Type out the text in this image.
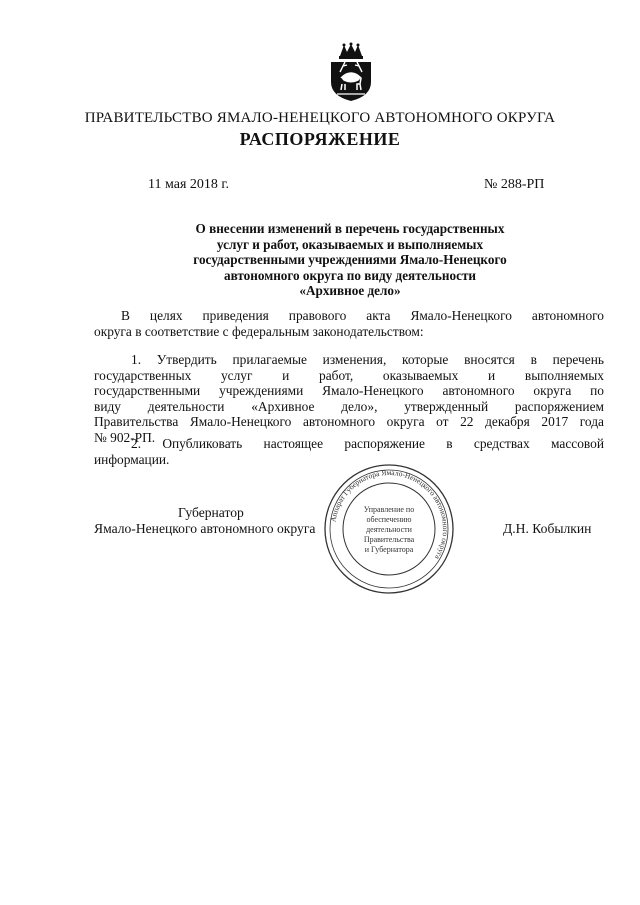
ПРАВИТЕЛЬСТВО ЯМАЛО-НЕНЕЦКОГО АВТОНОМНОГО ОКРУГА
РАСПОРЯЖЕНИЕ
11 мая 2018 г.	№ 288-РП
О внесении изменений в перечень государственных
услуг и работ, оказываемых и выполняемых
государственными учреждениями Ямало-Ненецкого
автономного округа по виду деятельности
«Архивное дело»
В целях приведения правового акта Ямало-Ненецкого автономного
округа в соответствие с федеральным законодательством:
1. Утвердить прилагаемые изменения, которые вносятся в перечень
государственных услуг и работ, оказываемых и выполняемых
государственными учреждениями Ямало-Ненецкого автономного округа по
виду деятельности «Архивное дело», утвержденный распоряжением
Правительства Ямало-Ненецкого автономного округа от 22 декабря 2017 года
№ 902-РП.
2. Опубликовать настоящее распоряжение в средствах массовой
информации.
Губернатор
Ямало-Ненецкого автономного округа	Д.Н. Кобылкин
Аппарат Губернатора Ямало-Ненецкого автономного округа
Управление по
обеспечению
деятельности
Правительства
и Губернатора
